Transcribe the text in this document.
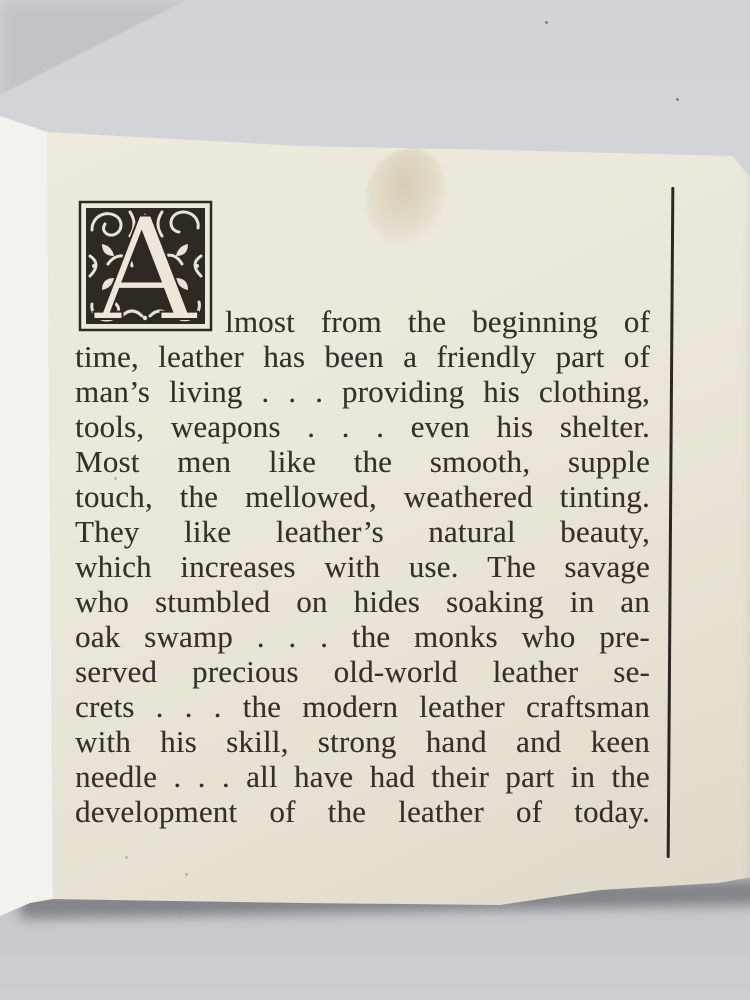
A lmost from the beginning of
time, leather has been a friendly part of
man’s living . . . providing his clothing,
tools, weapons . . . even his shelter.
Most men like the smooth, supple
touch, the mellowed, weathered tinting.
They like leather’s natural beauty,
which increases with use. The savage
who stumbled on hides soaking in an
oak swamp . . . the monks who pre-
served precious old-world leather se-
crets . . . the modern leather craftsman
with his skill, strong hand and keen
needle . . . all have had their part in the
development of the leather of today.
